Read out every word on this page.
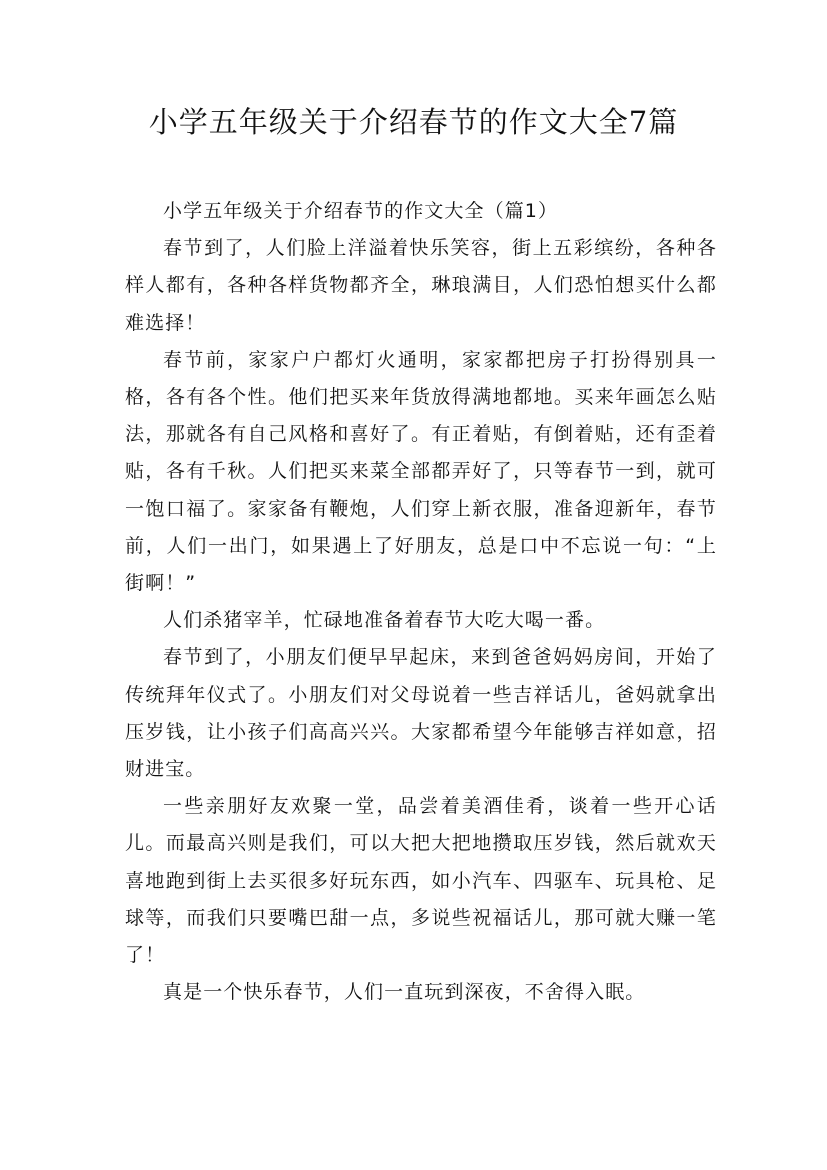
小学五年级关于介绍春节的作文大全7篇

小学五年级关于介绍春节的作文大全（篇1）

春节到了，人们脸上洋溢着快乐笑容，街上五彩缤纷，各种各样人都有，各种各样货物都齐全，琳琅满目，人们恐怕想买什么都难选择！

春节前，家家户户都灯火通明，家家都把房子打扮得别具一格，各有各个性。他们把买来年货放得满地都地。买来年画怎么贴法，那就各有自己风格和喜好了。有正着贴，有倒着贴，还有歪着贴，各有千秋。人们把买来菜全部都弄好了，只等春节一到，就可一饱口福了。家家备有鞭炮，人们穿上新衣服，准备迎新年，春节前，人们一出门，如果遇上了好朋友，总是口中不忘说一句：“上街啊！”

人们杀猪宰羊，忙碌地准备着春节大吃大喝一番。

春节到了，小朋友们便早早起床，来到爸爸妈妈房间，开始了传统拜年仪式了。小朋友们对父母说着一些吉祥话儿，爸妈就拿出压岁钱，让小孩子们高高兴兴。大家都希望今年能够吉祥如意，招财进宝。

一些亲朋好友欢聚一堂，品尝着美酒佳肴，谈着一些开心话儿。而最高兴则是我们，可以大把大把地攒取压岁钱，然后就欢天喜地跑到街上去买很多好玩东西，如小汽车、四驱车、玩具枪、足球等，而我们只要嘴巴甜一点，多说些祝福话儿，那可就大赚一笔了！

真是一个快乐春节，人们一直玩到深夜，不舍得入眠。
